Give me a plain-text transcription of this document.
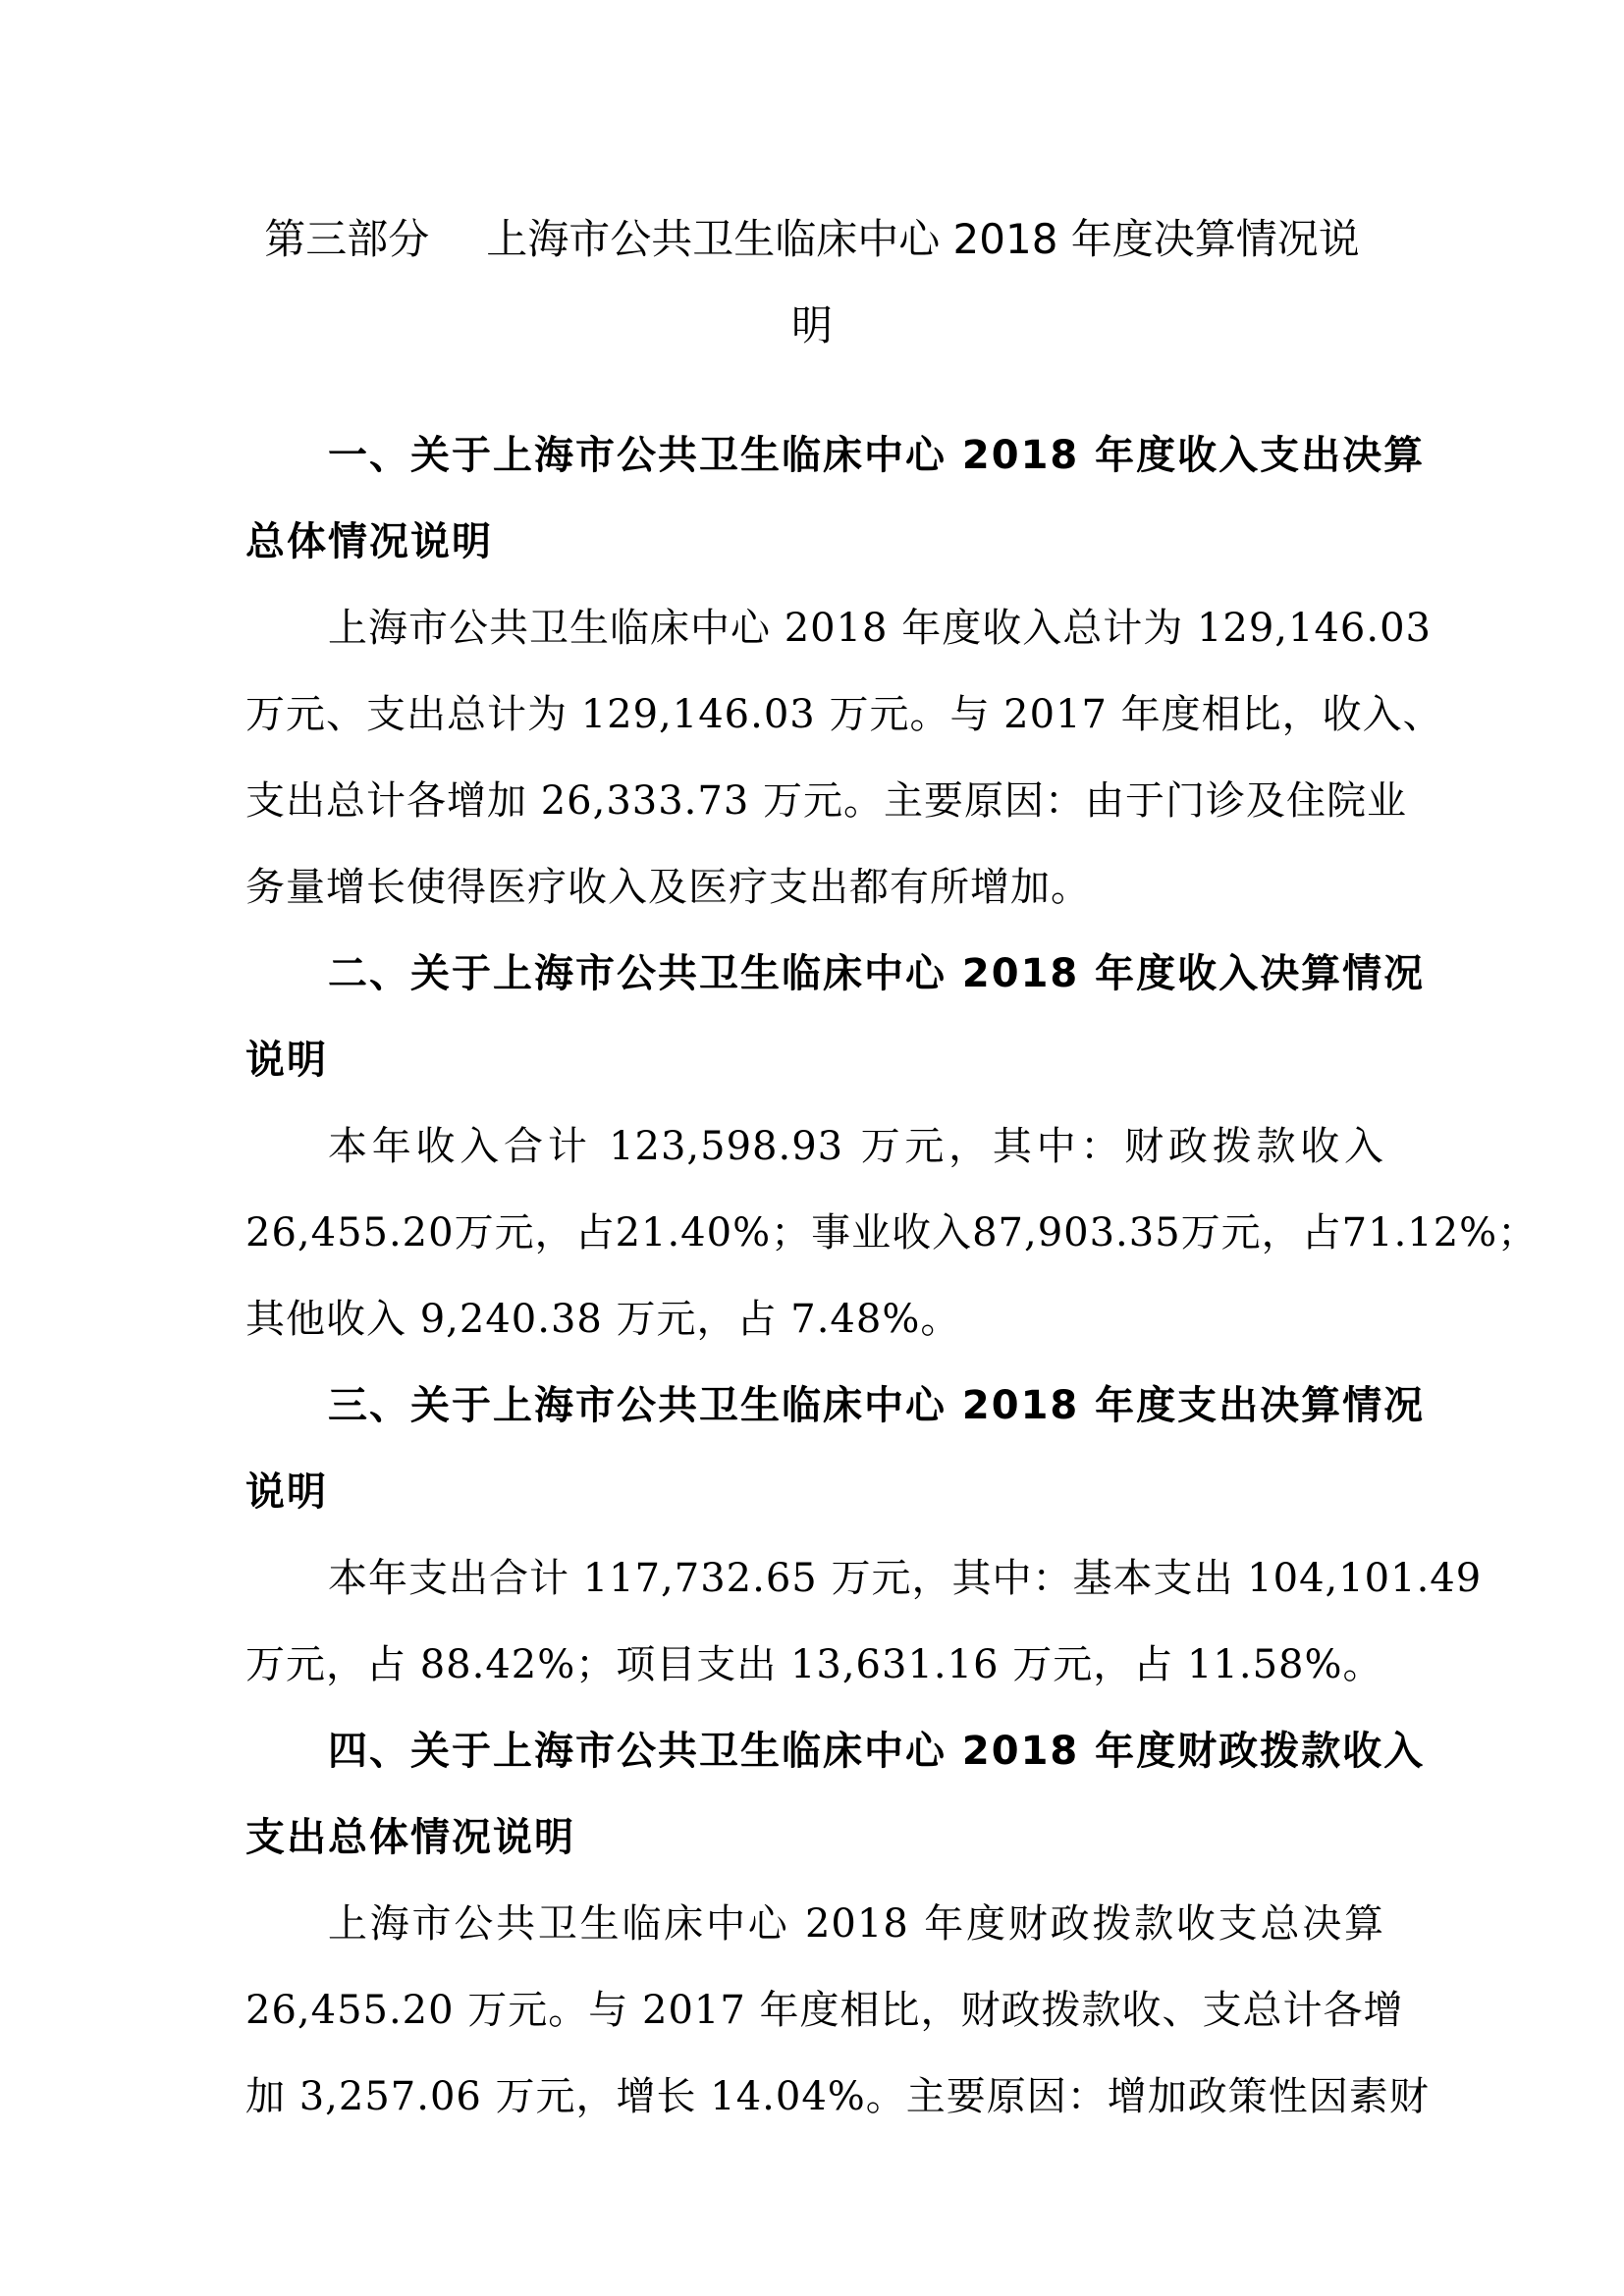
第三部分 上海市公共卫生临床中心 2018 年度决算情况说
明
一、关于上海市公共卫生临床中心 2018 年度收入支出决算
总体情况说明
上海市公共卫生临床中心 2018 年度收入总计为 129,146.03
万元、支出总计为 129,146.03 万元。与 2017 年度相比，收入、
支出总计各增加 26,333.73 万元。主要原因：由于门诊及住院业
务量增长使得医疗收入及医疗支出都有所增加。
二、关于上海市公共卫生临床中心 2018 年度收入决算情况
说明
本年收入合计 123,598.93 万元，其中：财政拨款收入
26,455.20万元，占21.40%；事业收入87,903.35万元，占71.12%；
其他收入 9,240.38 万元，占 7.48%。
三、关于上海市公共卫生临床中心 2018 年度支出决算情况
说明
本年支出合计 117,732.65 万元，其中：基本支出 104,101.49
万元，占 88.42%；项目支出 13,631.16 万元，占 11.58%。
四、关于上海市公共卫生临床中心 2018 年度财政拨款收入
支出总体情况说明
上海市公共卫生临床中心 2018 年度财政拨款收支总决算
26,455.20 万元。与 2017 年度相比，财政拨款收、支总计各增
加 3,257.06 万元，增长 14.04%。主要原因：增加政策性因素财
